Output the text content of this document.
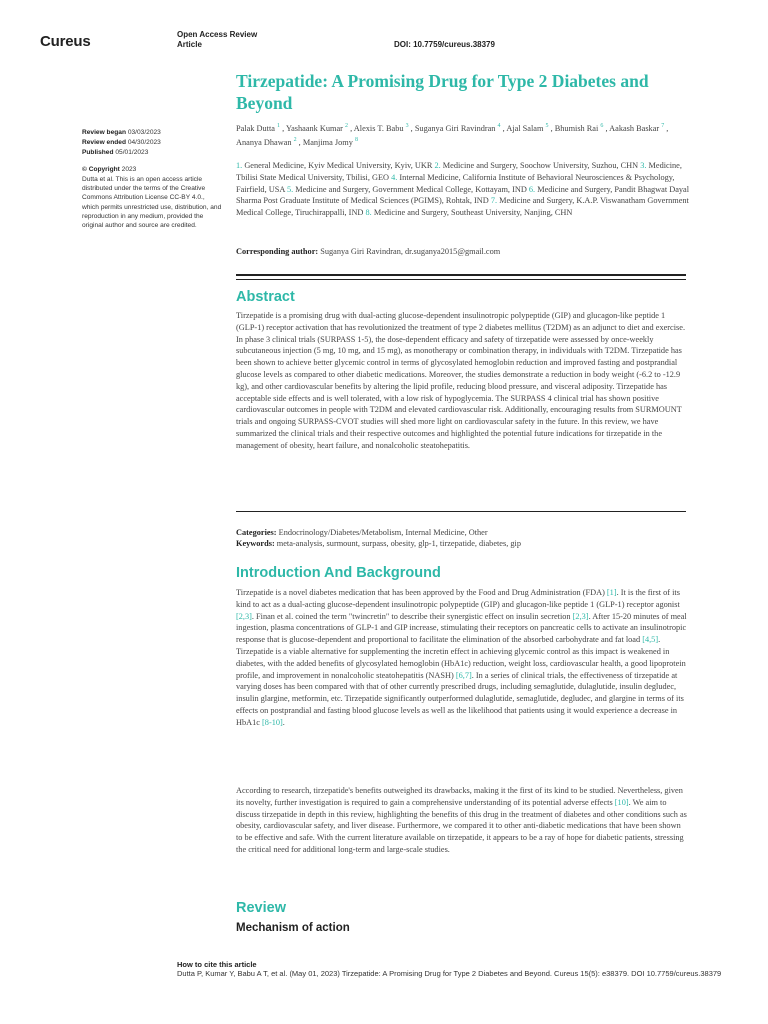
Cureus	Open Access Review
Article	DOI: 10.7759/cureus.38379
Tirzepatide: A Promising Drug for Type 2 Diabetes and Beyond
Review began 03/03/2023
Review ended 04/30/2023
Published 05/01/2023
© Copyright 2023
Dutta et al. This is an open access article distributed under the terms of the Creative Commons Attribution License CC-BY 4.0., which permits unrestricted use, distribution, and reproduction in any medium, provided the original author and source are credited.
Palak Dutta $^1$ , Yashaank Kumar $^2$ , Alexis T. Babu $^3$ , Suganya Giri Ravindran $^4$ , Ajal Salam $^5$ , Bhumish Rai $^6$ , Aakash Baskar $^7$ , Ananya Dhawan $^2$ , Manjima Jomy $^8$
1. General Medicine, Kyiv Medical University, Kyiv, UKR 2. Medicine and Surgery, Soochow University, Suzhou, CHN 3. Medicine, Tbilisi State Medical University, Tbilisi, GEO 4. Internal Medicine, California Institute of Behavioral Neurosciences & Psychology, Fairfield, USA 5. Medicine and Surgery, Government Medical College, Kottayam, IND 6. Medicine and Surgery, Pandit Bhagwat Dayal Sharma Post Graduate Institute of Medical Sciences (PGIMS), Rohtak, IND 7. Medicine and Surgery, K.A.P. Viswanatham Government Medical College, Tiruchirappalli, IND 8. Medicine and Surgery, Southeast University, Nanjing, CHN
Corresponding author: Suganya Giri Ravindran, dr.suganya2015@gmail.com
Abstract
Tirzepatide is a promising drug with dual-acting glucose-dependent insulinotropic polypeptide (GIP) and glucagon-like peptide 1 (GLP-1) receptor activation that has revolutionized the treatment of type 2 diabetes mellitus (T2DM) as an adjunct to diet and exercise. In phase 3 clinical trials (SURPASS 1-5), the dose-dependent efficacy and safety of tirzepatide were assessed by once-weekly subcutaneous injection (5 mg, 10 mg, and 15 mg), as monotherapy or combination therapy, in individuals with T2DM. Tirzepatide has been shown to achieve better glycemic control in terms of glycosylated hemoglobin reduction and improved fasting and postprandial glucose levels as compared to other diabetic medications. Moreover, the studies demonstrate a reduction in body weight (-6.2 to -12.9 kg), and other cardiovascular benefits by altering the lipid profile, reducing blood pressure, and visceral adiposity. Tirzepatide has acceptable side effects and is well tolerated, with a low risk of hypoglycemia. The SURPASS 4 clinical trial has shown positive cardiovascular outcomes in people with T2DM and elevated cardiovascular risk. Additionally, encouraging results from SURMOUNT trials and ongoing SURPASS-CVOT studies will shed more light on cardiovascular safety in the future. In this review, we have summarized the clinical trials and their respective outcomes and highlighted the potential future indications for tirzepatide in the management of obesity, heart failure, and nonalcoholic steatohepatitis.
Categories: Endocrinology/Diabetes/Metabolism, Internal Medicine, Other
Keywords: meta-analysis, surmount, surpass, obesity, glp-1, tirzepatide, diabetes, gip
Introduction And Background
Tirzepatide is a novel diabetes medication that has been approved by the Food and Drug Administration (FDA) [1]. It is the first of its kind to act as a dual-acting glucose-dependent insulinotropic polypeptide (GIP) and glucagon-like peptide 1 (GLP-1) receptor agonist [2,3]. Finan et al. coined the term "twincretin" to describe their synergistic effect on insulin secretion [2,3]. After 15-20 minutes of meal ingestion, plasma concentrations of GLP-1 and GIP increase, stimulating their receptors on pancreatic cells to activate an insulinotropic response that is glucose-dependent and proportional to facilitate the elimination of the absorbed carbohydrate and fat load [4,5]. Tirzepatide is a viable alternative for supplementing the incretin effect in achieving glycemic control as this impact is weakened in diabetes, with the added benefits of glycosylated hemoglobin (HbA1c) reduction, weight loss, cardiovascular health, a good lipoprotein profile, and improvement in nonalcoholic steatohepatitis (NASH) [6,7]. In a series of clinical trials, the effectiveness of tirzepatide at varying doses has been compared with that of other currently prescribed drugs, including semaglutide, dulaglutide, insulin degludec, insulin glargine, metformin, etc. Tirzepatide significantly outperformed dulaglutide, semaglutide, degludec, and glargine in terms of its effects on postprandial and fasting blood glucose levels as well as the likelihood that patients using it would experience a decrease in HbA1c [8-10].
According to research, tirzepatide's benefits outweighed its drawbacks, making it the first of its kind to be studied. Nevertheless, given its novelty, further investigation is required to gain a comprehensive understanding of its potential adverse effects [10]. We aim to discuss tirzepatide in depth in this review, highlighting the benefits of this drug in the treatment of diabetes and other conditions such as obesity, cardiovascular safety, and liver disease. Furthermore, we compared it to other anti-diabetic medications that have been shown to be effective and safe. With the current literature available on tirzepatide, it appears to be a ray of hope for diabetic patients, stressing the critical need for additional long-term and large-scale studies.
Review
Mechanism of action
How to cite this article
Dutta P, Kumar Y, Babu A T, et al. (May 01, 2023) Tirzepatide: A Promising Drug for Type 2 Diabetes and Beyond. Cureus 15(5): e38379. DOI 10.7759/cureus.38379
